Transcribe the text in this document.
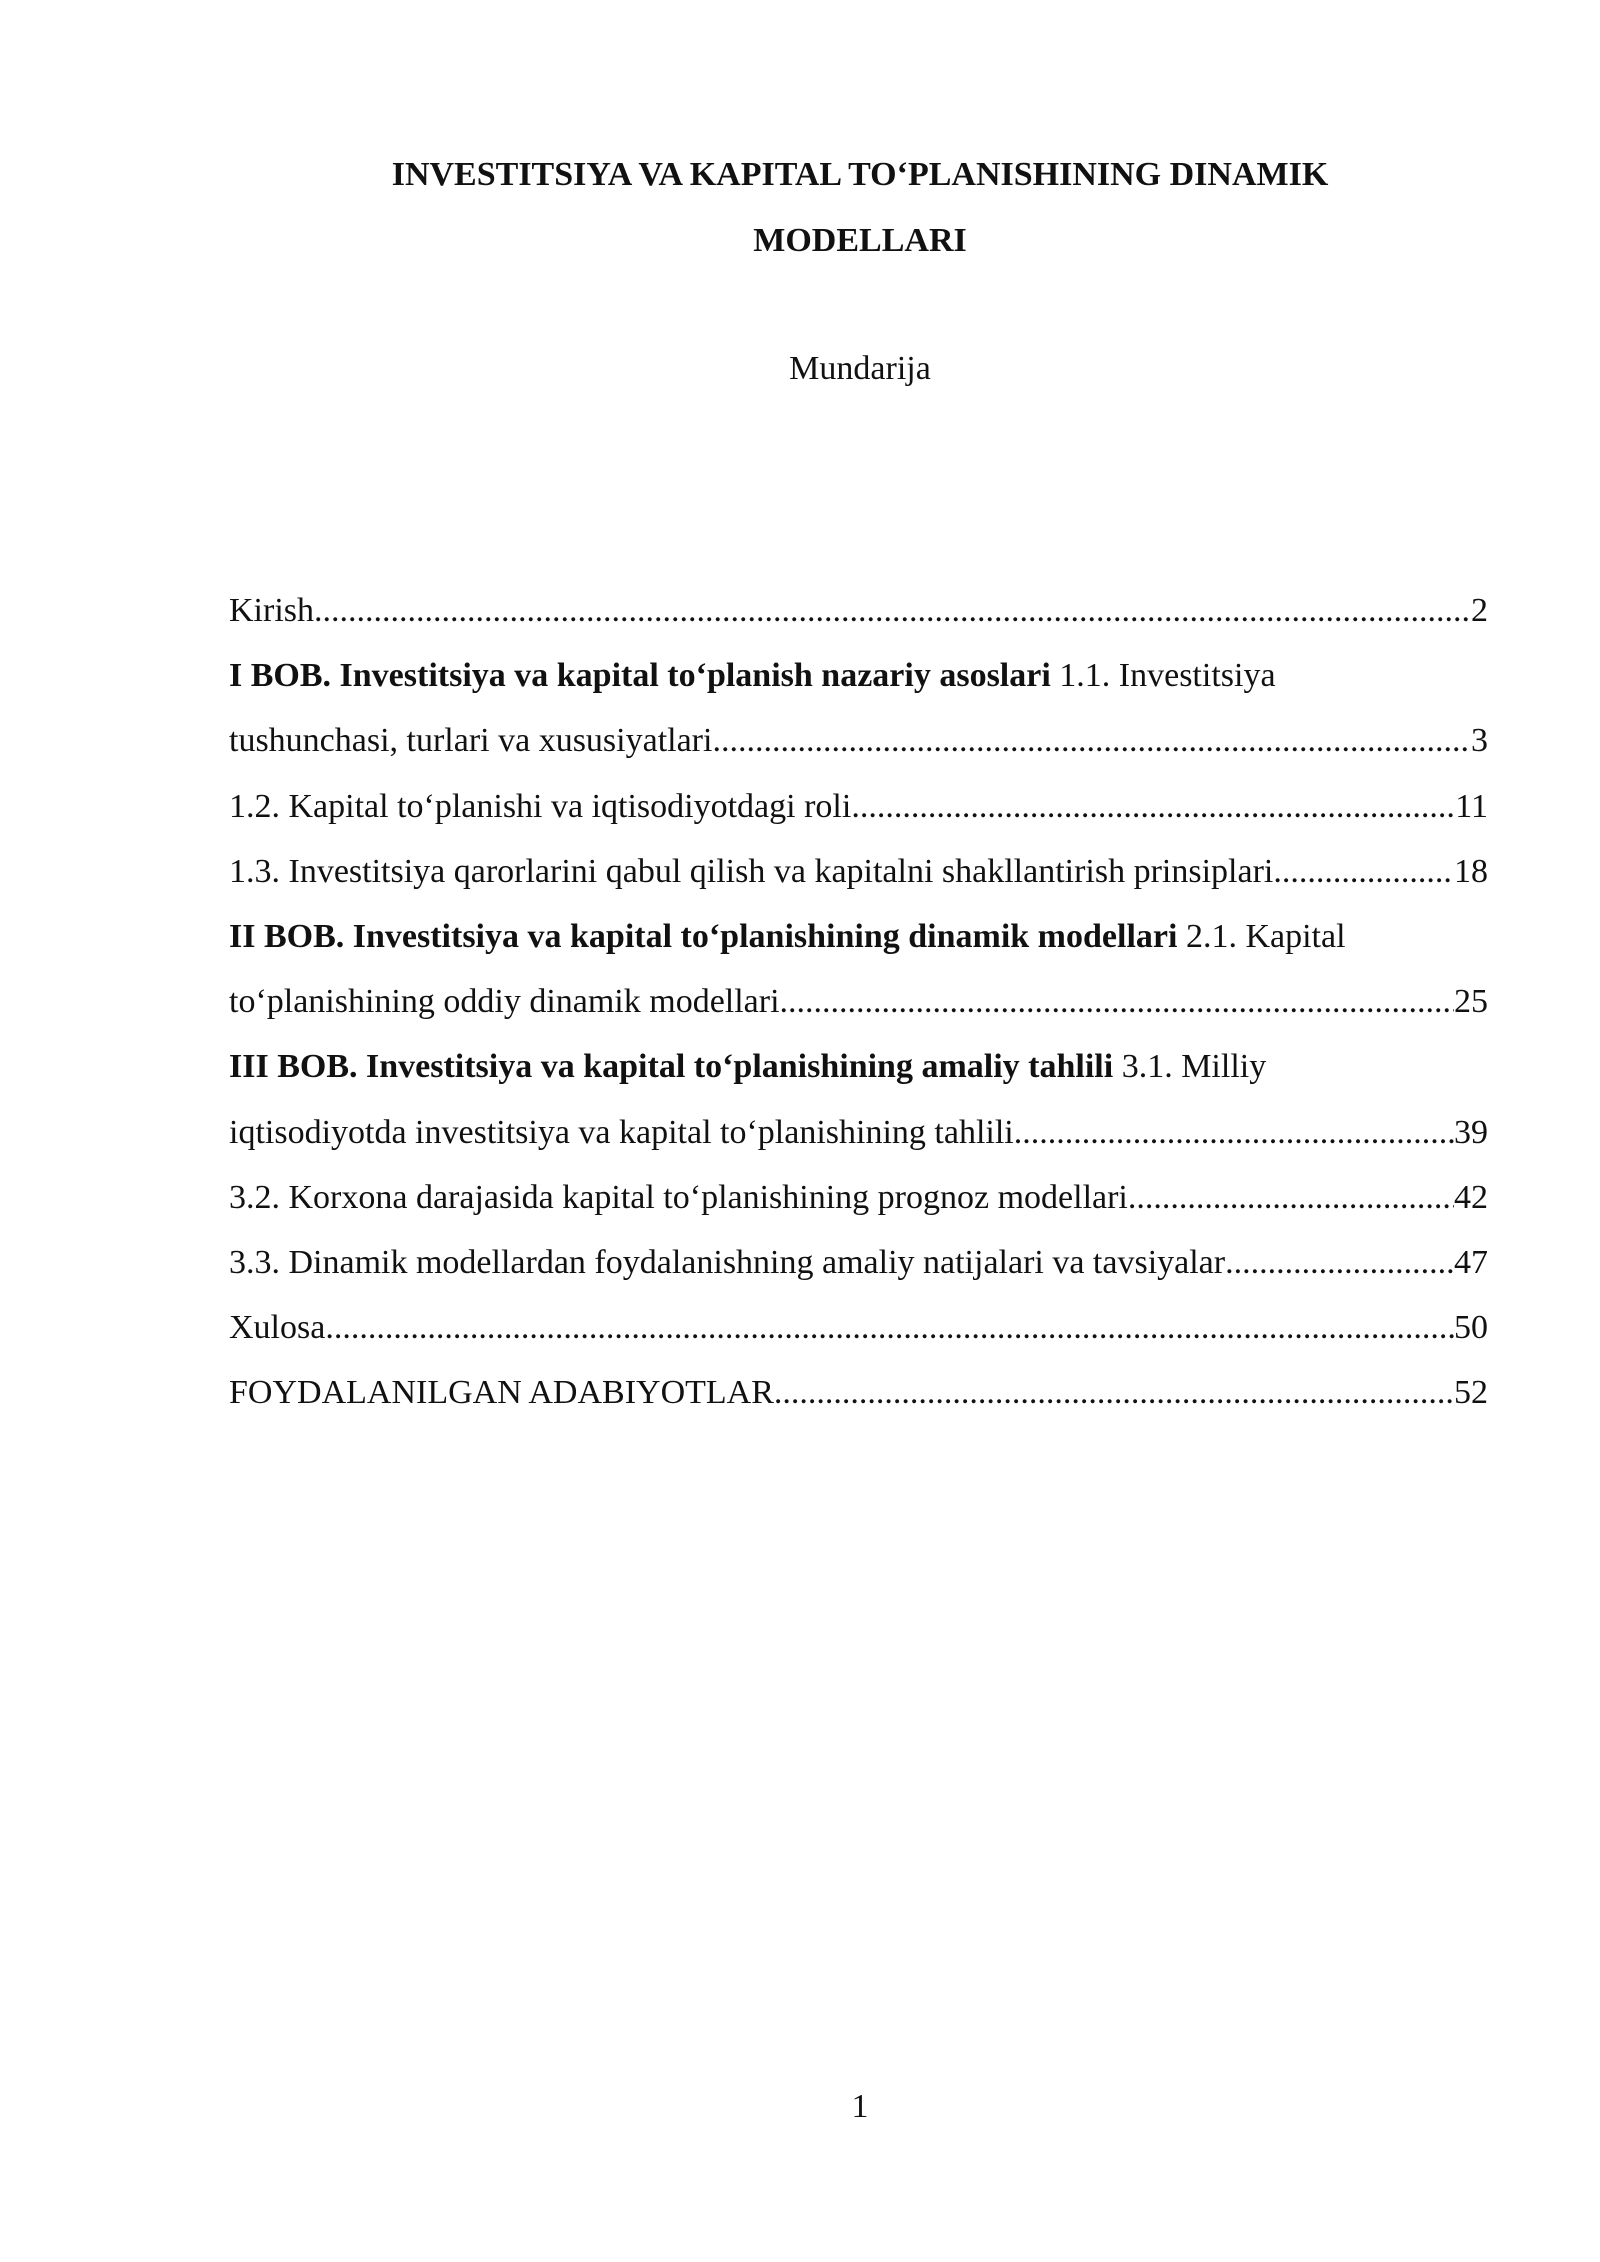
INVESTITSIYA VA KAPITAL TO‘PLANISHINING DINAMIK
MODELLARI
Mundarija
Kirish .....	2
I BOB. Investitsiya va kapital to‘planish nazariy asoslari 1.1. Investitsiya
tushunchasi, turlari va xususiyatlari .....	3
1.2. Kapital to‘planishi va iqtisodiyotdagi roli .....	11
1.3. Investitsiya qarorlarini qabul qilish va kapitalni shakllantirish prinsiplari .....	18
II BOB. Investitsiya va kapital to‘planishining dinamik modellari 2.1. Kapital
to‘planishining oddiy dinamik modellari .....	25
III BOB. Investitsiya va kapital to‘planishining amaliy tahlili 3.1. Milliy
iqtisodiyotda investitsiya va kapital to‘planishining tahlili .....	39
3.2. Korxona darajasida kapital to‘planishining prognoz modellari .....	42
3.3. Dinamik modellardan foydalanishning amaliy natijalari va tavsiyalar .....	47
Xulosa .....	50
FOYDALANILGAN ADABIYOTLAR .....	52
1
